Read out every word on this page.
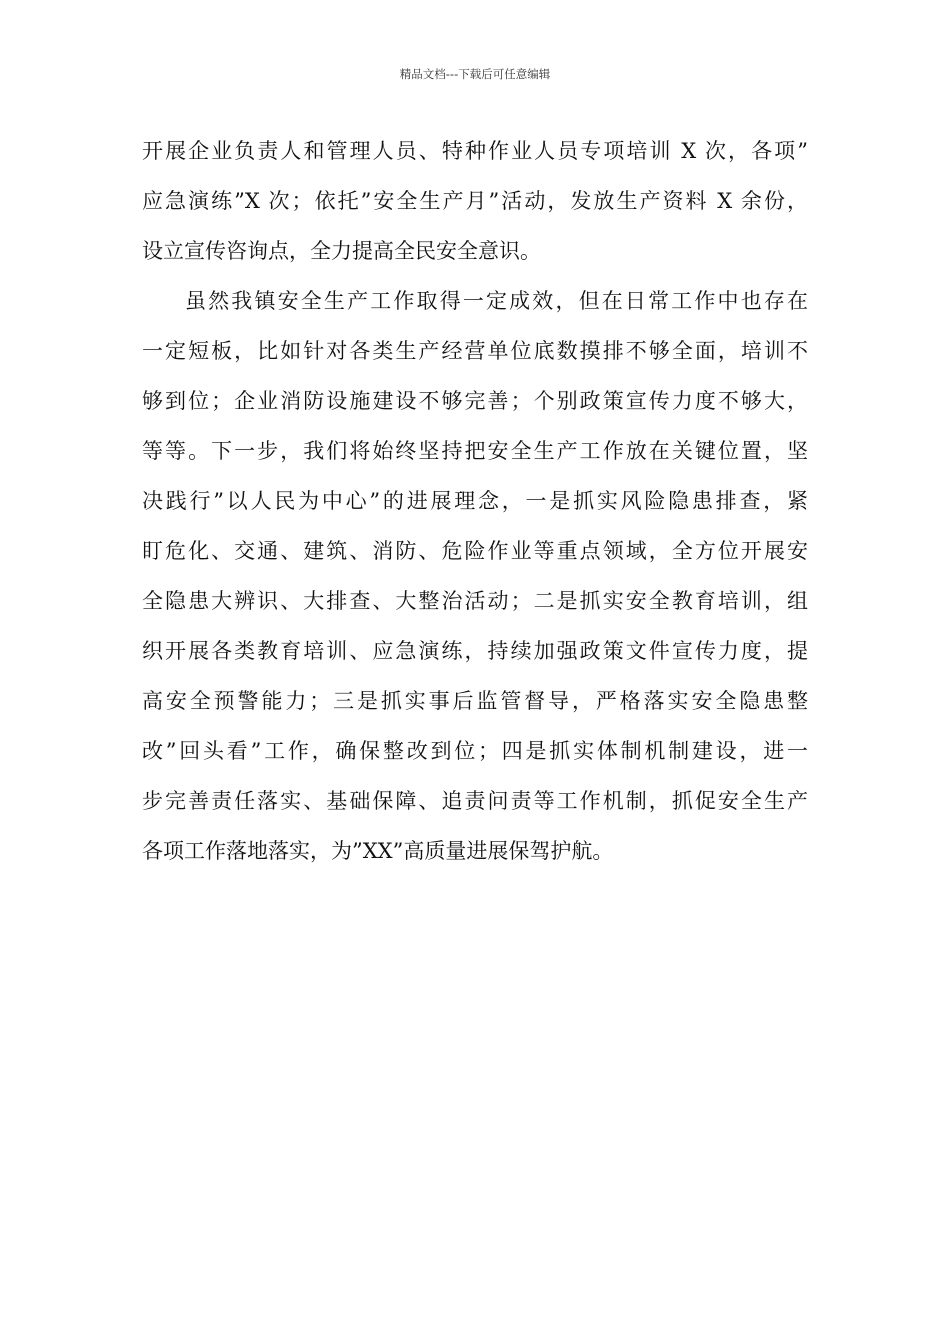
精品文档---下载后可任意编辑
开展企业负责人和管理人员、特种作业人员专项培训 X 次，各项”
应急演练”X 次；依托”安全生产月”活动，发放生产资料 X 余份，
设立宣传咨询点，全力提高全民安全意识。
虽然我镇安全生产工作取得一定成效，但在日常工作中也存在
一定短板，比如针对各类生产经营单位底数摸排不够全面，培训不
够到位；企业消防设施建设不够完善；个别政策宣传力度不够大，
等等。下一步，我们将始终坚持把安全生产工作放在关键位置，坚
决践行”以人民为中心”的进展理念，一是抓实风险隐患排查，紧
盯危化、交通、建筑、消防、危险作业等重点领域，全方位开展安
全隐患大辨识、大排查、大整治活动；二是抓实安全教育培训，组
织开展各类教育培训、应急演练，持续加强政策文件宣传力度，提
高安全预警能力；三是抓实事后监管督导，严格落实安全隐患整
改”回头看”工作，确保整改到位；四是抓实体制机制建设，进一
步完善责任落实、基础保障、追责问责等工作机制，抓促安全生产
各项工作落地落实，为”XX”高质量进展保驾护航。
